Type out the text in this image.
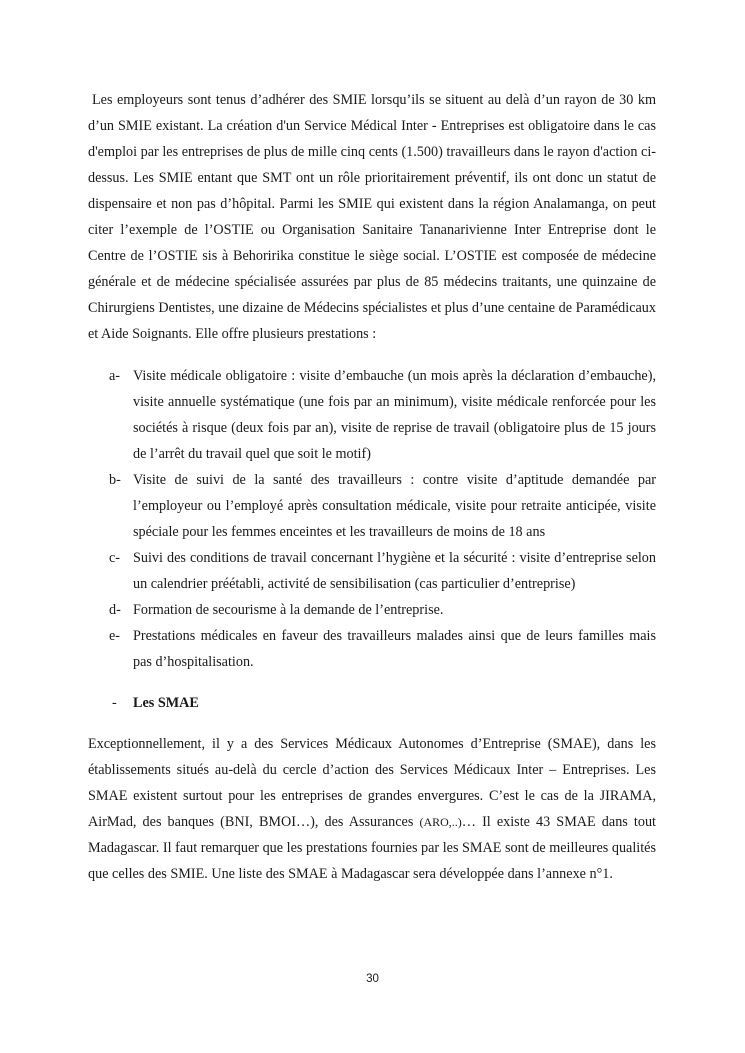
Les employeurs sont tenus d’adhérer des SMIE lorsqu’ils se situent au delà d’un rayon de 30 km d’un SMIE existant. La création d'un Service Médical Inter - Entreprises est obligatoire dans le cas d'emploi par les entreprises de plus de mille cinq cents (1.500) travailleurs dans le rayon d'action ci-dessus. Les SMIE entant que SMT ont un rôle prioritairement préventif, ils ont donc un statut de dispensaire et non pas d’hôpital. Parmi les SMIE qui existent dans la région Analamanga, on peut citer l’exemple de l’OSTIE ou Organisation Sanitaire Tananarivienne Inter Entreprise dont le Centre de l’OSTIE sis à Behoririka constitue le siège social. L’OSTIE est composée de médecine générale et de médecine spécialisée assurées par plus de 85 médecins traitants, une quinzaine de Chirurgiens Dentistes, une dizaine de Médecins spécialistes et plus d’une centaine de Paramédicaux et Aide Soignants. Elle offre plusieurs prestations :

a- Visite médicale obligatoire : visite d’embauche (un mois après la déclaration d’embauche), visite annuelle systématique (une fois par an minimum), visite médicale renforcée pour les sociétés à risque (deux fois par an), visite de reprise de travail (obligatoire plus de 15 jours de l’arrêt du travail quel que soit le motif)
b- Visite de suivi de la santé des travailleurs : contre visite d’aptitude demandée par l’employeur ou l’employé après consultation médicale, visite pour retraite anticipée, visite spéciale pour les femmes enceintes et les travailleurs de moins de 18 ans
c- Suivi des conditions de travail concernant l’hygiène et la sécurité : visite d’entreprise selon un calendrier préétabli, activité de sensibilisation (cas particulier d’entreprise)
d- Formation de secourisme à la demande de l’entreprise.
e- Prestations médicales en faveur des travailleurs malades ainsi que de leurs familles mais pas d’hospitalisation.
- Les SMAE

Exceptionnellement, il y a des Services Médicaux Autonomes d’Entreprise (SMAE), dans les établissements situés au-delà du cercle d’action des Services Médicaux Inter – Entreprises. Les SMAE existent surtout pour les entreprises de grandes envergures. C’est le cas de la JIRAMA, AirMad, des banques (BNI, BMOI…), des Assurances (ARO,..)… Il existe 43 SMAE dans tout Madagascar. Il faut remarquer que les prestations fournies par les SMAE sont de meilleures qualités que celles des SMIE. Une liste des SMAE à Madagascar sera développée dans l’annexe n°1.

30
